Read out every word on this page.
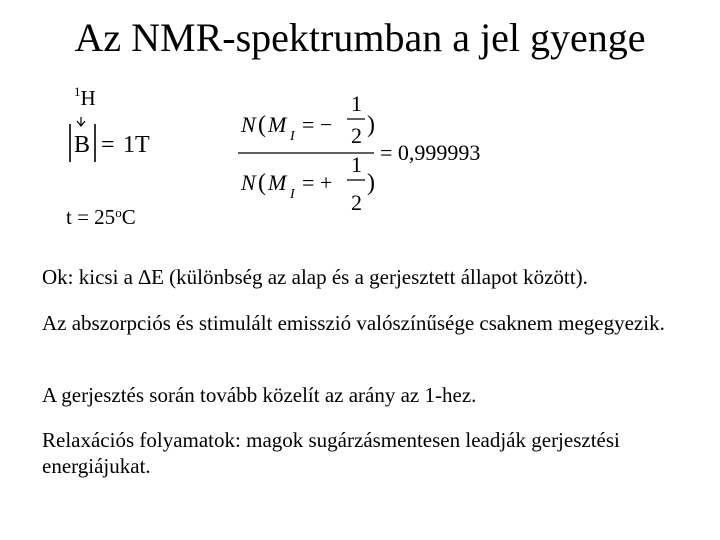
Az NMR-spektrumban a jel gyenge
$^1$H
B = 1T
$t = 25^oC$
N ( M I = −
1
2 )
N ( M I = +
1
2
)
= 0,999993
Ok: kicsi a ∆E (különbség az alap és a gerjesztett állapot között).
Az abszorpciós és stimulált emisszió valószínűsége csaknem megegyezik.
A gerjesztés során tovább közelít az arány az 1-hez.
Relaxációs folyamatok: magok sugárzásmentesen leadják gerjesztési energiájukat.
